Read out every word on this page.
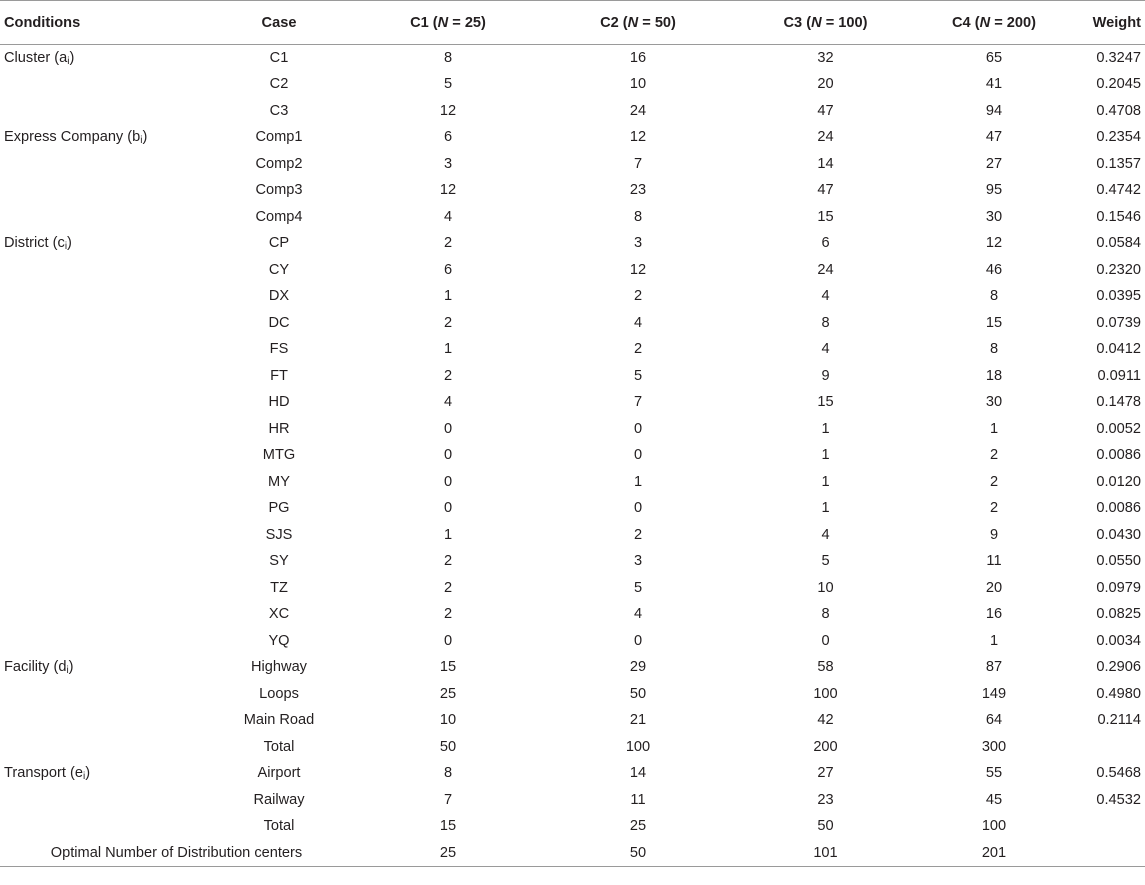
Conditions	Case	C1 (N = 25)	C2 (N = 50)	C3 (N = 100)	C4 (N = 200)	Weight
Cluster $(a_i)$	C1	8	16	32	65	0.3247
	C2	5	10	20	41	0.2045
	C3	12	24	47	94	0.4708
Express Company $(b_i)$	Comp1	6	12	24	47	0.2354
	Comp2	3	7	14	27	0.1357
	Comp3	12	23	47	95	0.4742
	Comp4	4	8	15	30	0.1546
District $(c_i)$	CP	2	3	6	12	0.0584
	CY	6	12	24	46	0.2320
	DX	1	2	4	8	0.0395
	DC	2	4	8	15	0.0739
	FS	1	2	4	8	0.0412
	FT	2	5	9	18	0.0911
	HD	4	7	15	30	0.1478
	HR	0	0	1	1	0.0052
	MTG	0	0	1	2	0.0086
	MY	0	1	1	2	0.0120
	PG	0	0	1	2	0.0086
	SJS	1	2	4	9	0.0430
	SY	2	3	5	11	0.0550
	TZ	2	5	10	20	0.0979
	XC	2	4	8	16	0.0825
	YQ	0	0	0	1	0.0034
Facility $(d_i)$	Highway	15	29	58	87	0.2906
	Loops	25	50	100	149	0.4980
	Main Road	10	21	42	64	0.2114
	Total	50	100	200	300	
Transport $(e_i)$	Airport	8	14	27	55	0.5468
	Railway	7	11	23	45	0.4532
	Total	15	25	50	100	
Optimal Number of Distribution centers		25	50	101	201	
